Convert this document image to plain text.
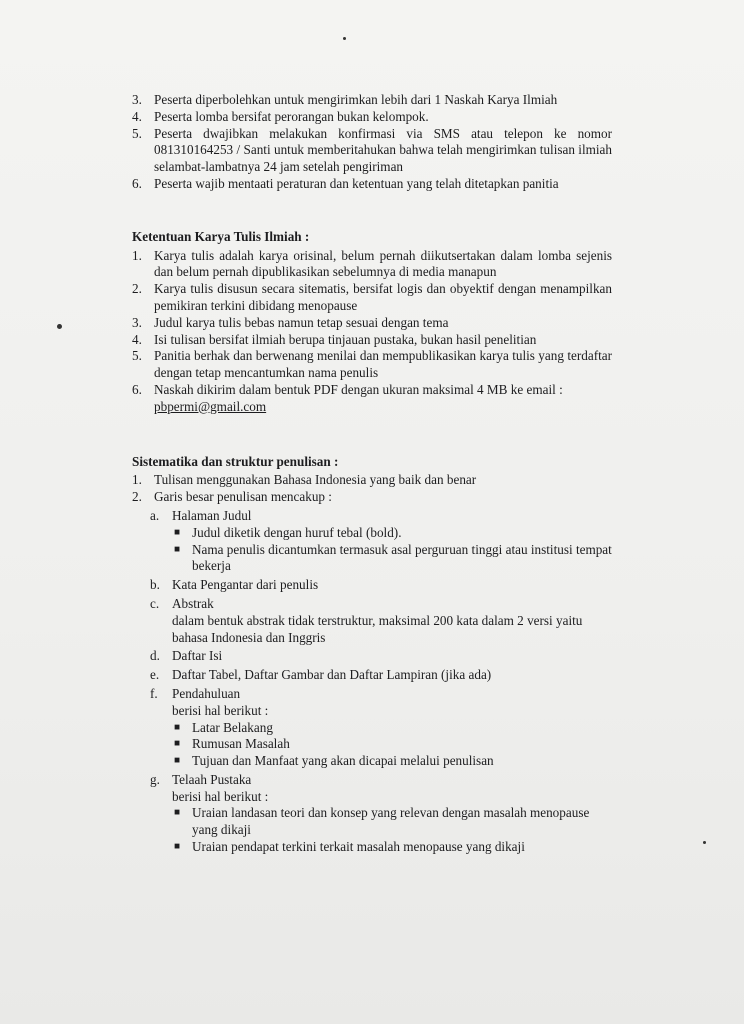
3. Peserta diperbolehkan untuk mengirimkan lebih dari 1 Naskah Karya Ilmiah
4. Peserta lomba bersifat perorangan bukan kelompok.
5. Peserta dwajibkan melakukan konfirmasi via SMS atau telepon ke nomor 081310164253 / Santi untuk memberitahukan bahwa telah mengirimkan tulisan ilmiah selambat-lambatnya 24 jam setelah pengiriman
6. Peserta wajib mentaati peraturan dan ketentuan yang telah ditetapkan panitia
Ketentuan Karya Tulis Ilmiah :
1. Karya tulis adalah karya orisinal, belum pernah diikutsertakan dalam lomba sejenis dan belum pernah dipublikasikan sebelumnya di media manapun
2. Karya tulis disusun secara sitematis, bersifat logis dan obyektif dengan menampilkan pemikiran terkini dibidang menopause
3. Judul karya tulis bebas namun tetap sesuai dengan tema
4. Isi tulisan bersifat ilmiah berupa tinjauan pustaka, bukan hasil penelitian
5. Panitia berhak dan berwenang menilai dan mempublikasikan karya tulis yang terdaftar dengan tetap mencantumkan nama penulis
6. Naskah dikirim dalam bentuk PDF dengan ukuran maksimal 4 MB ke email :
pbpermi@gmail.com
Sistematika dan struktur penulisan :
1. Tulisan menggunakan Bahasa Indonesia yang baik dan benar
2. Garis besar penulisan mencakup :
a. Halaman Judul
■ Judul diketik dengan huruf tebal (bold).
■ Nama penulis dicantumkan termasuk asal perguruan tinggi atau institusi tempat bekerja
b. Kata Pengantar dari penulis
c. Abstrak
dalam bentuk abstrak tidak terstruktur, maksimal 200 kata dalam 2 versi yaitu bahasa Indonesia dan Inggris
d. Daftar Isi
e. Daftar Tabel, Daftar Gambar dan Daftar Lampiran (jika ada)
f. Pendahuluan
berisi hal berikut :
■ Latar Belakang
■ Rumusan Masalah
■ Tujuan dan Manfaat yang akan dicapai melalui penulisan
g. Telaah Pustaka
berisi hal berikut :
■ Uraian landasan teori dan konsep yang relevan dengan masalah menopause yang dikaji
■ Uraian pendapat terkini terkait masalah menopause yang dikaji
